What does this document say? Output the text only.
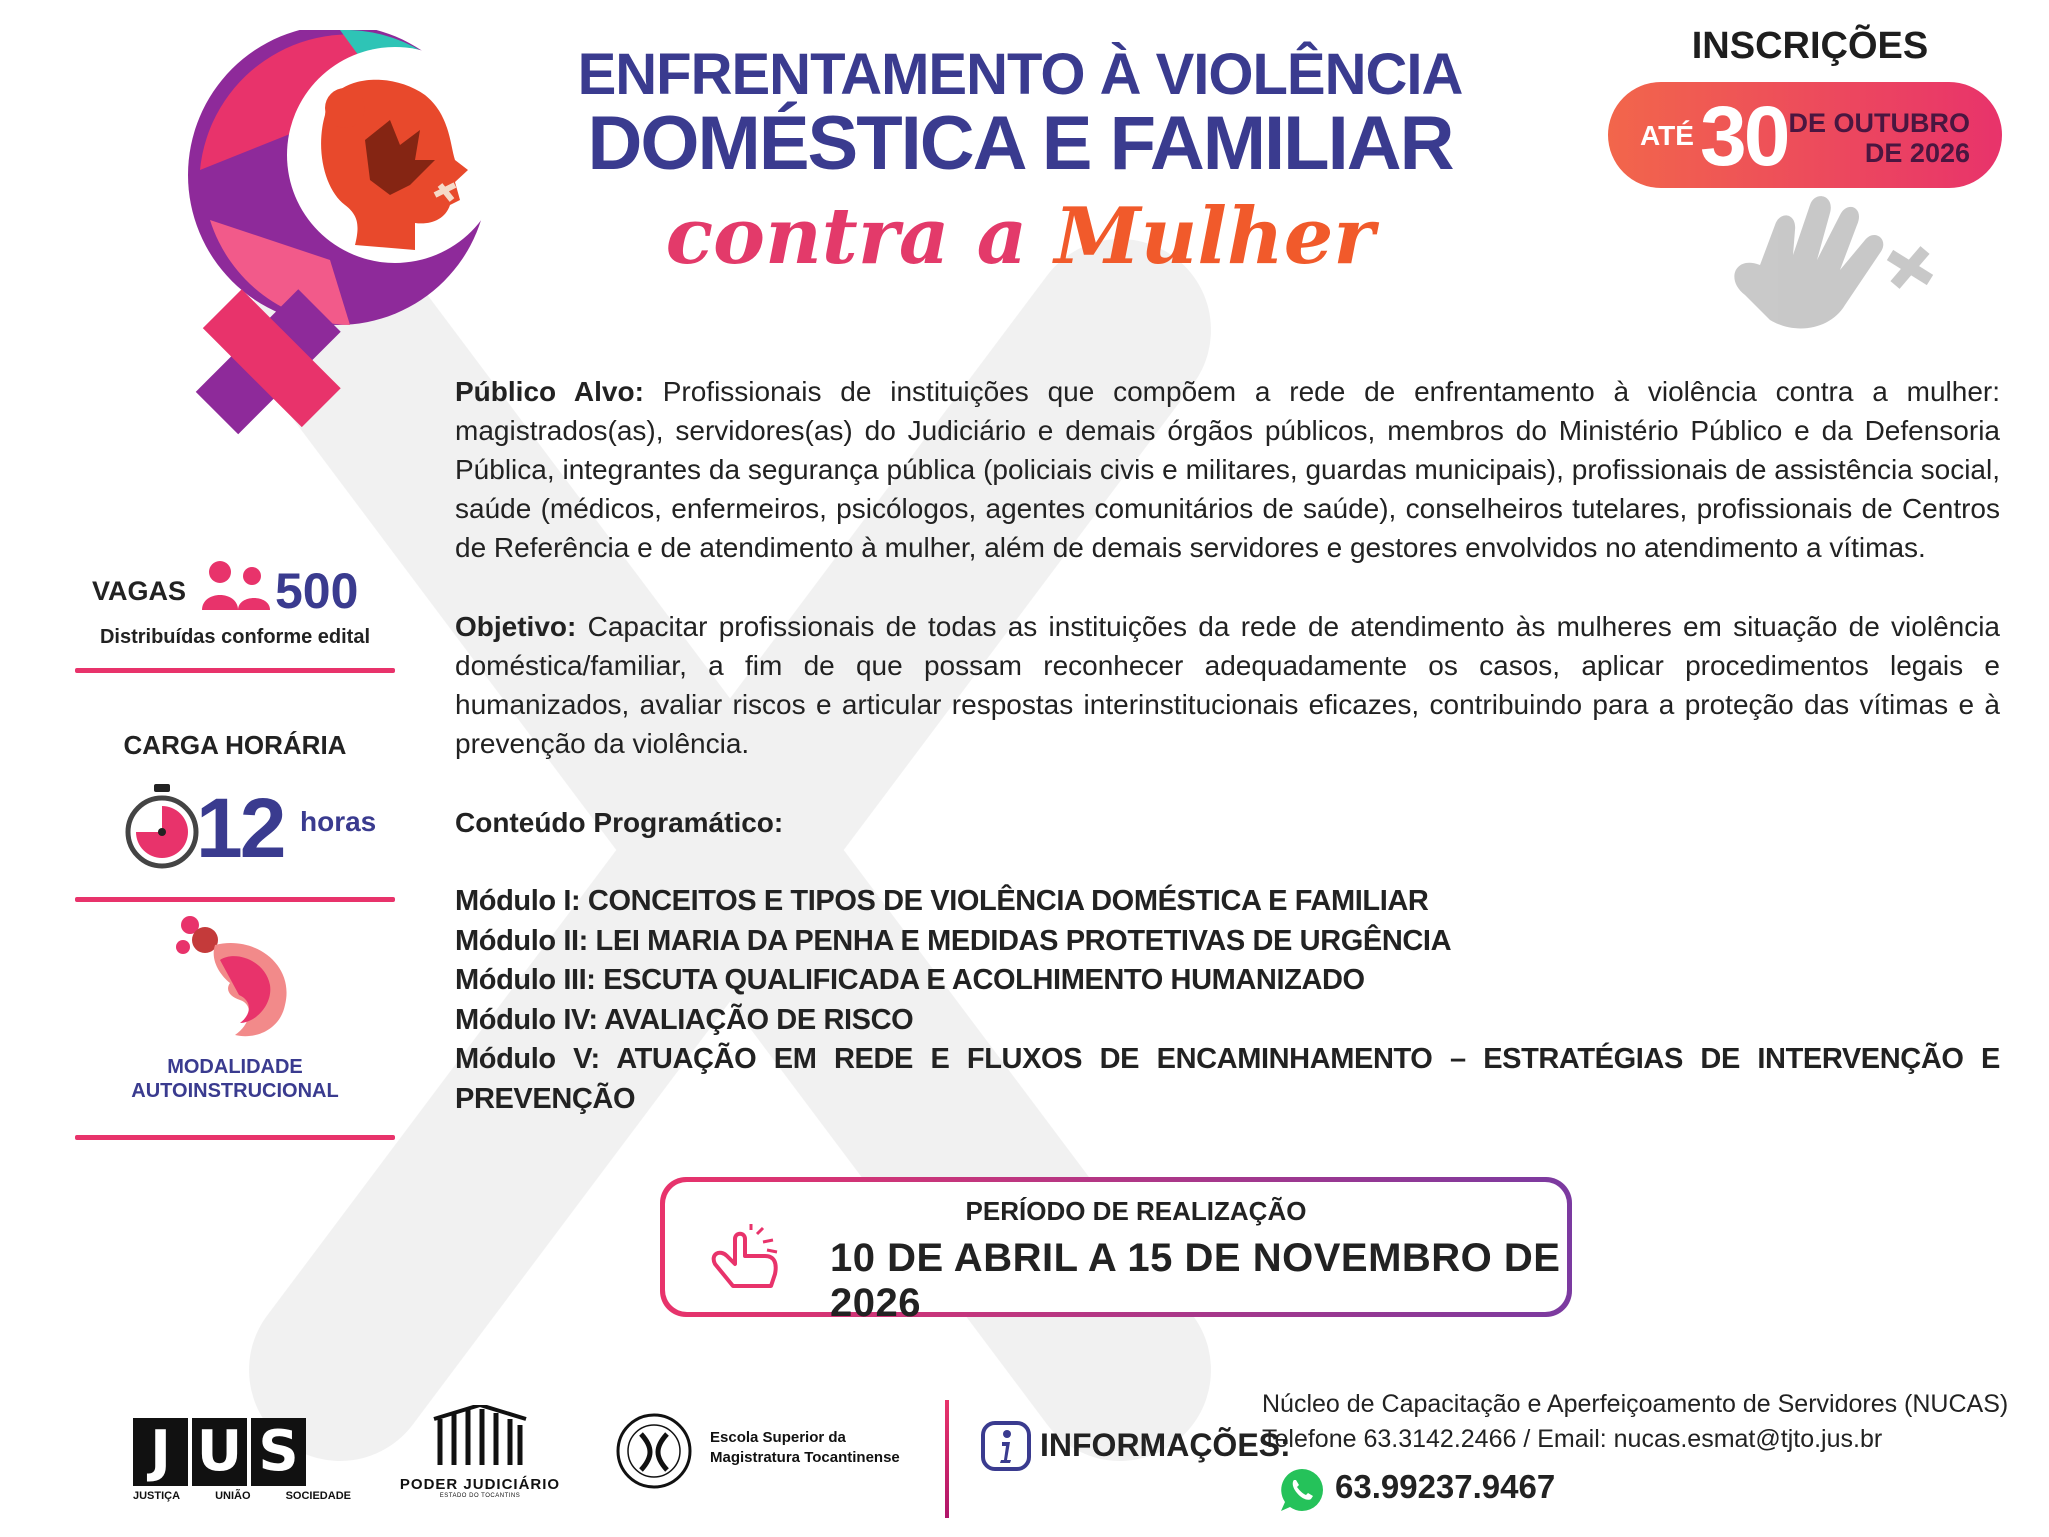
ENFRENTAMENTO À VIOLÊNCIA
DOMÉSTICA E FAMILIAR
contra a Mulher
INSCRIÇÕES
ATÉ 30 DE OUTUBRO
DE 2026

Público Alvo: Profissionais de instituições que compõem a rede de enfrentamento à violência contra a mulher: magistrados(as), servidores(as) do Judiciário e demais órgãos públicos, membros do Ministério Público e da Defensoria Pública, integrantes da segurança pública (policiais civis e militares, guardas municipais), profissionais de assistência social, saúde (médicos, enfermeiros, psicólogos, agentes comunitários de saúde), conselheiros tutelares, profissionais de Centros de Referência e de atendimento à mulher, além de demais servidores e gestores envolvidos no atendimento a vítimas.

Objetivo: Capacitar profissionais de todas as instituições da rede de atendimento às mulheres em situação de violência doméstica/familiar, a fim de que possam reconhecer adequadamente os casos, aplicar procedimentos legais e humanizados, avaliar riscos e articular respostas interinstitucionais eficazes, contribuindo para a proteção das vítimas e à prevenção da violência.

Conteúdo Programático:
Módulo I: CONCEITOS E TIPOS DE VIOLÊNCIA DOMÉSTICA E FAMILIAR
Módulo II: LEI MARIA DA PENHA E MEDIDAS PROTETIVAS DE URGÊNCIA
Módulo III: ESCUTA QUALIFICADA E ACOLHIMENTO HUMANIZADO
Módulo IV: AVALIAÇÃO DE RISCO
Módulo V: ATUAÇÃO EM REDE E FLUXOS DE ENCAMINHAMENTO – ESTRATÉGIAS DE INTERVENÇÃO E PREVENÇÃO
VAGAS 500
Distribuídas conforme edital
CARGA HORÁRIA
12 horas
MODALIDADE
AUTOINSTRUCIONAL
PERÍODO DE REALIZAÇÃO
10 DE ABRIL A 15 DE NOVEMBRO DE 2026
J U S
JUSTIÇA	UNIÃO	SOCIEDADE
PODER JUDICIÁRIO
ESTADO DO TOCANTINS
Escola Superior da
Magistratura Tocantinense	INFORMAÇÕES:
Núcleo de Capacitação e Aperfeiçoamento de Servidores (NUCAS)
Telefone 63.3142.2466 / Email: nucas.esmat@tjto.jus.br
63.99237.9467
